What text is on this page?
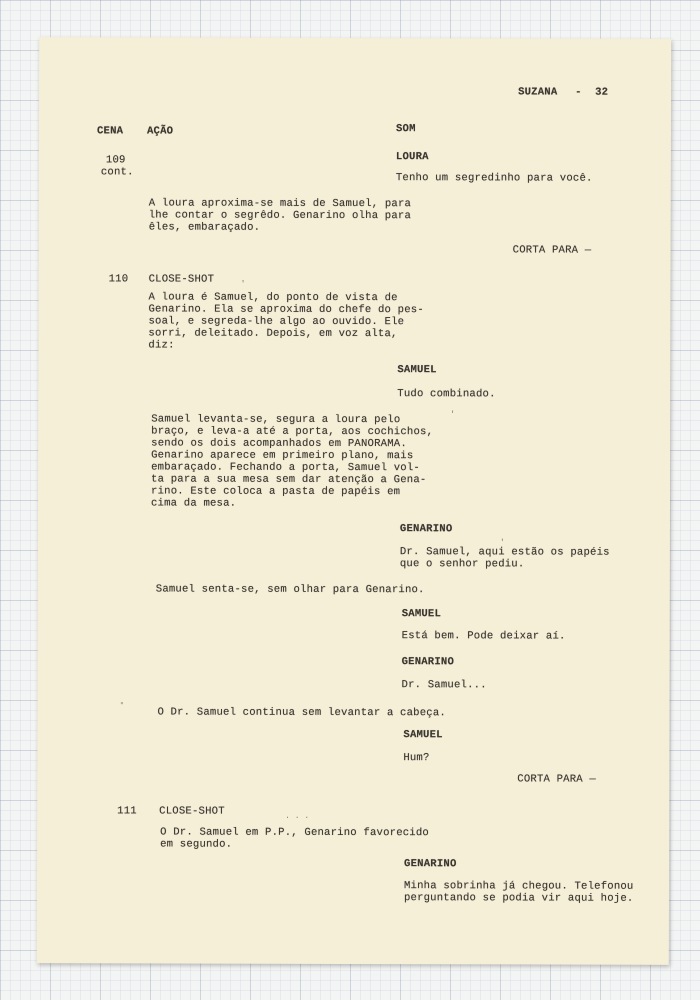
SUZANA - 32
CENA AÇÃO	SOM
109
cont.
LOURA
Tenho um segredinho para você.
A loura aproxima-se mais de Samuel, para
lhe contar o segrêdo. Genarino olha para
êles, embaraçado.
CORTA PARA —
110 CLOSE-SHOT
A loura é Samuel, do ponto de vista de
Genarino. Ela se aproxima do chefe do pes-
soal, e segreda-lhe algo ao ouvido. Ele
sorri, deleitado. Depois, em voz alta,
diz:
SAMUEL
Tudo combinado.
Samuel levanta-se, segura a loura pelo
braço, e leva-a até a porta, aos cochichos,
sendo os dois acompanhados em PANORAMA.
Genarino aparece em primeiro plano, mais
embaraçado. Fechando a porta, Samuel vol-
ta para a sua mesa sem dar atenção a Gena-
rino. Este coloca a pasta de papéis em
cima da mesa.
GENARINO
Dr. Samuel, aqui estão os papéis
que o senhor pediu.
Samuel senta-se, sem olhar para Genarino.
SAMUEL
Está bem. Pode deixar aí.
GENARINO
Dr. Samuel...
O Dr. Samuel continua sem levantar a cabeça.
SAMUEL
Hum?
CORTA PARA —
111 CLOSE-SHOT
O Dr. Samuel em P.P., Genarino favorecido
em segundo.
GENARINO
Minha sobrinha já chegou. Telefonou
perguntando se podia vir aqui hoje.
'
'
'
°
. . .
